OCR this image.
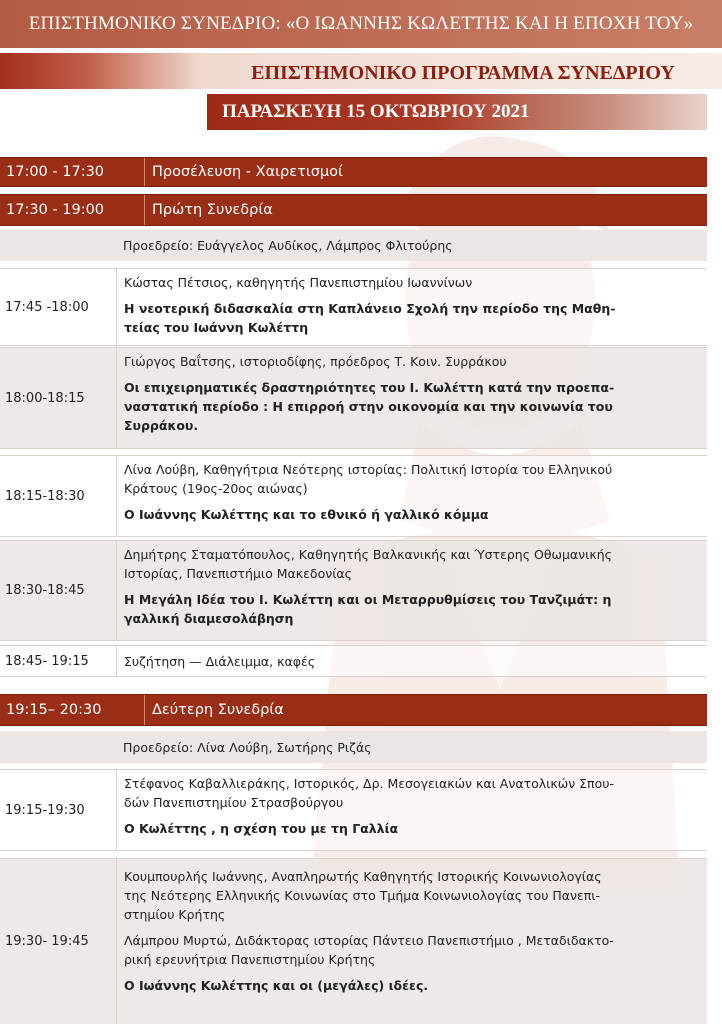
ΕΠΙΣΤΗΜΟΝΙΚΟ ΣΥΝΕΔΡΙΟ: «Ο ΙΩΑΝΝΗΣ ΚΩΛΕΤΤΗΣ ΚΑΙ Η ΕΠΟΧΗ ΤΟΥ»
ΕΠΙΣΤΗΜΟΝΙΚΟ ΠΡΟΓΡΑΜΜΑ ΣΥΝΕΔΡΙΟΥ
ΠΑΡΑΣΚΕΥΗ 15 ΟΚΤΩΒΡΙΟΥ 2021
17:00 - 17:30	Προσέλευση - Χαιρετισμοί
17:30 - 19:00	Πρώτη Συνεδρία
Προεδρείο: Ευάγγελος Αυδίκος, Λάμπρος Φλιτούρης
17:45 -18:00
Κώστας Πέτσιος, καθηγητής Πανεπιστημίου Ιωαννίνων
Η νεοτερική διδασκαλία στη Καπλάνειο Σχολή την περίοδο της Μαθη-
τείας του Ιωάννη Κωλέττη
18:00-18:15
Γιώργος Βαΐτσης, ιστοριοδίφης, πρόεδρος Τ. Κοιν. Συρράκου
Οι επιχειρηματικές δραστηριότητες του Ι. Κωλέττη κατά την προεπα-
ναστατική περίοδο : Η επιρροή στην οικονομία και την κοινωνία του
Συρράκου.
18:15-18:30
Λίνα Λούβη, Καθηγήτρια Νεότερης ιστορίας: Πολιτική Ιστορία του Ελληνικού
Κράτους (19ος-20ος αιώνας)
Ο Ιωάννης Κωλέττης και το εθνικό ή γαλλικό κόμμα
18:30-18:45
Δημήτρης Σταματόπουλος, Καθηγητής Βαλκανικής και Ύστερης Οθωμανικής
Ιστορίας, Πανεπιστήμιο Μακεδονίας
Η Μεγάλη Ιδέα του Ι. Κωλέττη και οι Μεταρρυθμίσεις του Τανζιμάτ: η
γαλλική διαμεσολάβηση
18:45- 19:15	Συζήτηση — Διάλειμμα, καφές
19:15– 20:30	Δεύτερη Συνεδρία
Προεδρείο: Λίνα Λούβη, Σωτήρης Ριζάς
19:15-19:30
Στέφανος Καβαλλιεράκης, Ιστορικός, Δρ. Μεσογειακών και Ανατολικών Σπου-
δών Πανεπιστημίου Στρασβούργου
Ο Κωλέττης , η σχέση του με τη Γαλλία
19:30- 19:45
Κουμπουρλής Ιωάννης, Αναπληρωτής Καθηγητής Ιστορικής Κοινωνιολογίας
της Νεότερης Ελληνικής Κοινωνίας στο Τμήμα Κοινωνιολογίας του Πανεπι-
στημίου Κρήτης
Λάμπρου Μυρτώ, Διδάκτορας ιστορίας Πάντειο Πανεπιστήμιο , Μεταδιδακτο-
ρική ερευνήτρια Πανεπιστημίου Κρήτης
Ο Ιωάννης Κωλέττης και οι (μεγάλες) ιδέες.
